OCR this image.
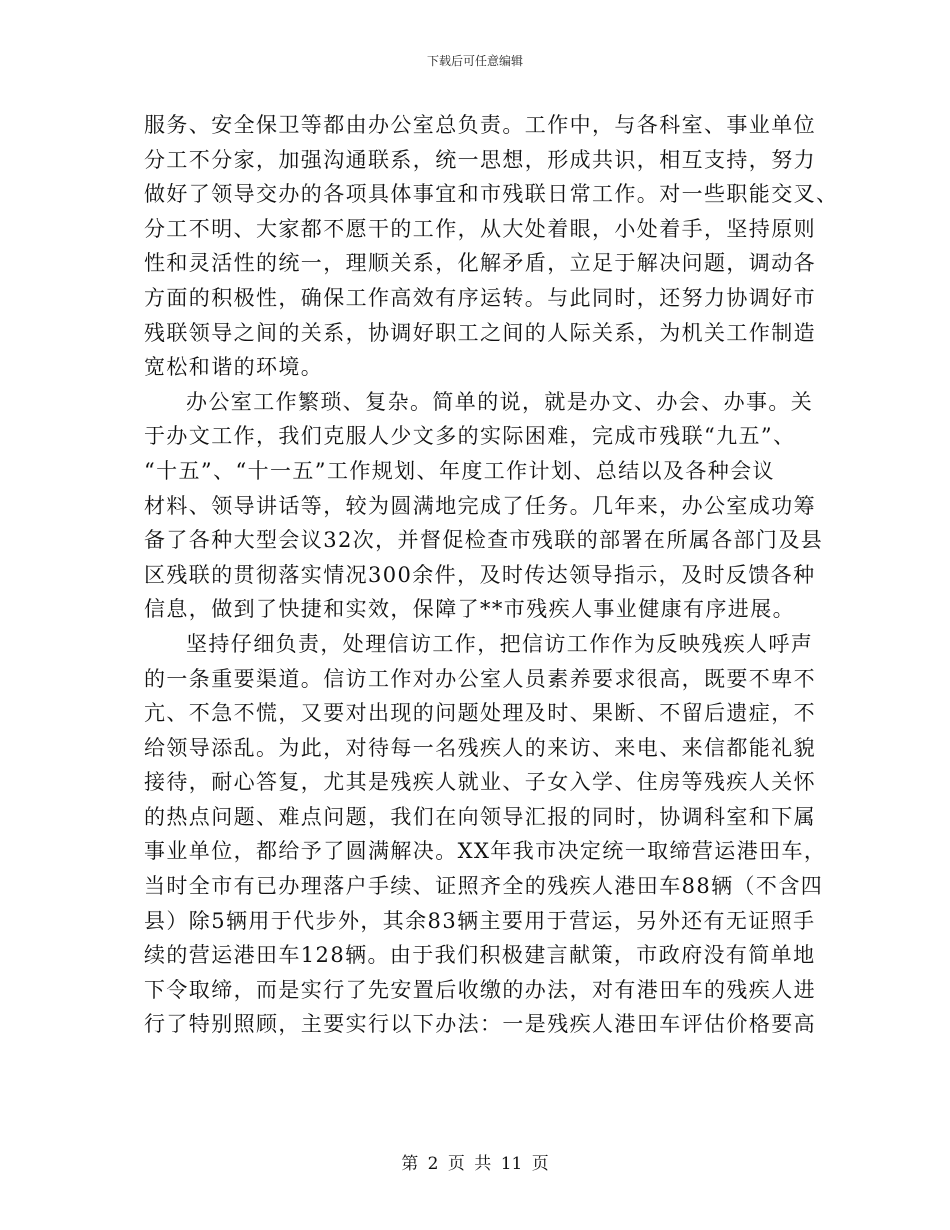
下载后可任意编辑

服务、安全保卫等都由办公室总负责。工作中，与各科室、事业单位

分工不分家，加强沟通联系，统一思想，形成共识，相互支持，努力

做好了领导交办的各项具体事宜和市残联日常工作。对一些职能交叉、

分工不明、大家都不愿干的工作，从大处着眼，小处着手，坚持原则

性和灵活性的统一，理顺关系，化解矛盾，立足于解决问题，调动各

方面的积极性，确保工作高效有序运转。与此同时，还努力协调好市

残联领导之间的关系，协调好职工之间的人际关系，为机关工作制造

宽松和谐的环境。

办公室工作繁琐、复杂。简单的说，就是办文、办会、办事。关

于办文工作，我们克服人少文多的实际困难，完成市残联“九五”、

“十五”、“十一五”工作规划、年度工作计划、总结以及各种会议

材料、领导讲话等，较为圆满地完成了任务。几年来，办公室成功筹

备了各种大型会议32次，并督促检查市残联的部署在所属各部门及县

区残联的贯彻落实情况300余件，及时传达领导指示，及时反馈各种

信息，做到了快捷和实效，保障了**市残疾人事业健康有序进展。

坚持仔细负责，处理信访工作，把信访工作作为反映残疾人呼声

的一条重要渠道。信访工作对办公室人员素养要求很高，既要不卑不

亢、不急不慌，又要对出现的问题处理及时、果断、不留后遗症，不

给领导添乱。为此，对待每一名残疾人的来访、来电、来信都能礼貌

接待，耐心答复，尤其是残疾人就业、子女入学、住房等残疾人关怀

的热点问题、难点问题，我们在向领导汇报的同时，协调科室和下属

事业单位，都给予了圆满解决。XX年我市决定统一取缔营运港田车，

当时全市有已办理落户手续、证照齐全的残疾人港田车88辆（不含四

县）除5辆用于代步外，其余83辆主要用于营运，另外还有无证照手

续的营运港田车128辆。由于我们积极建言献策，市政府没有简单地

下令取缔，而是实行了先安置后收缴的办法，对有港田车的残疾人进

行了特别照顾，主要实行以下办法：一是残疾人港田车评估价格要高

第 2 页 共 11 页
